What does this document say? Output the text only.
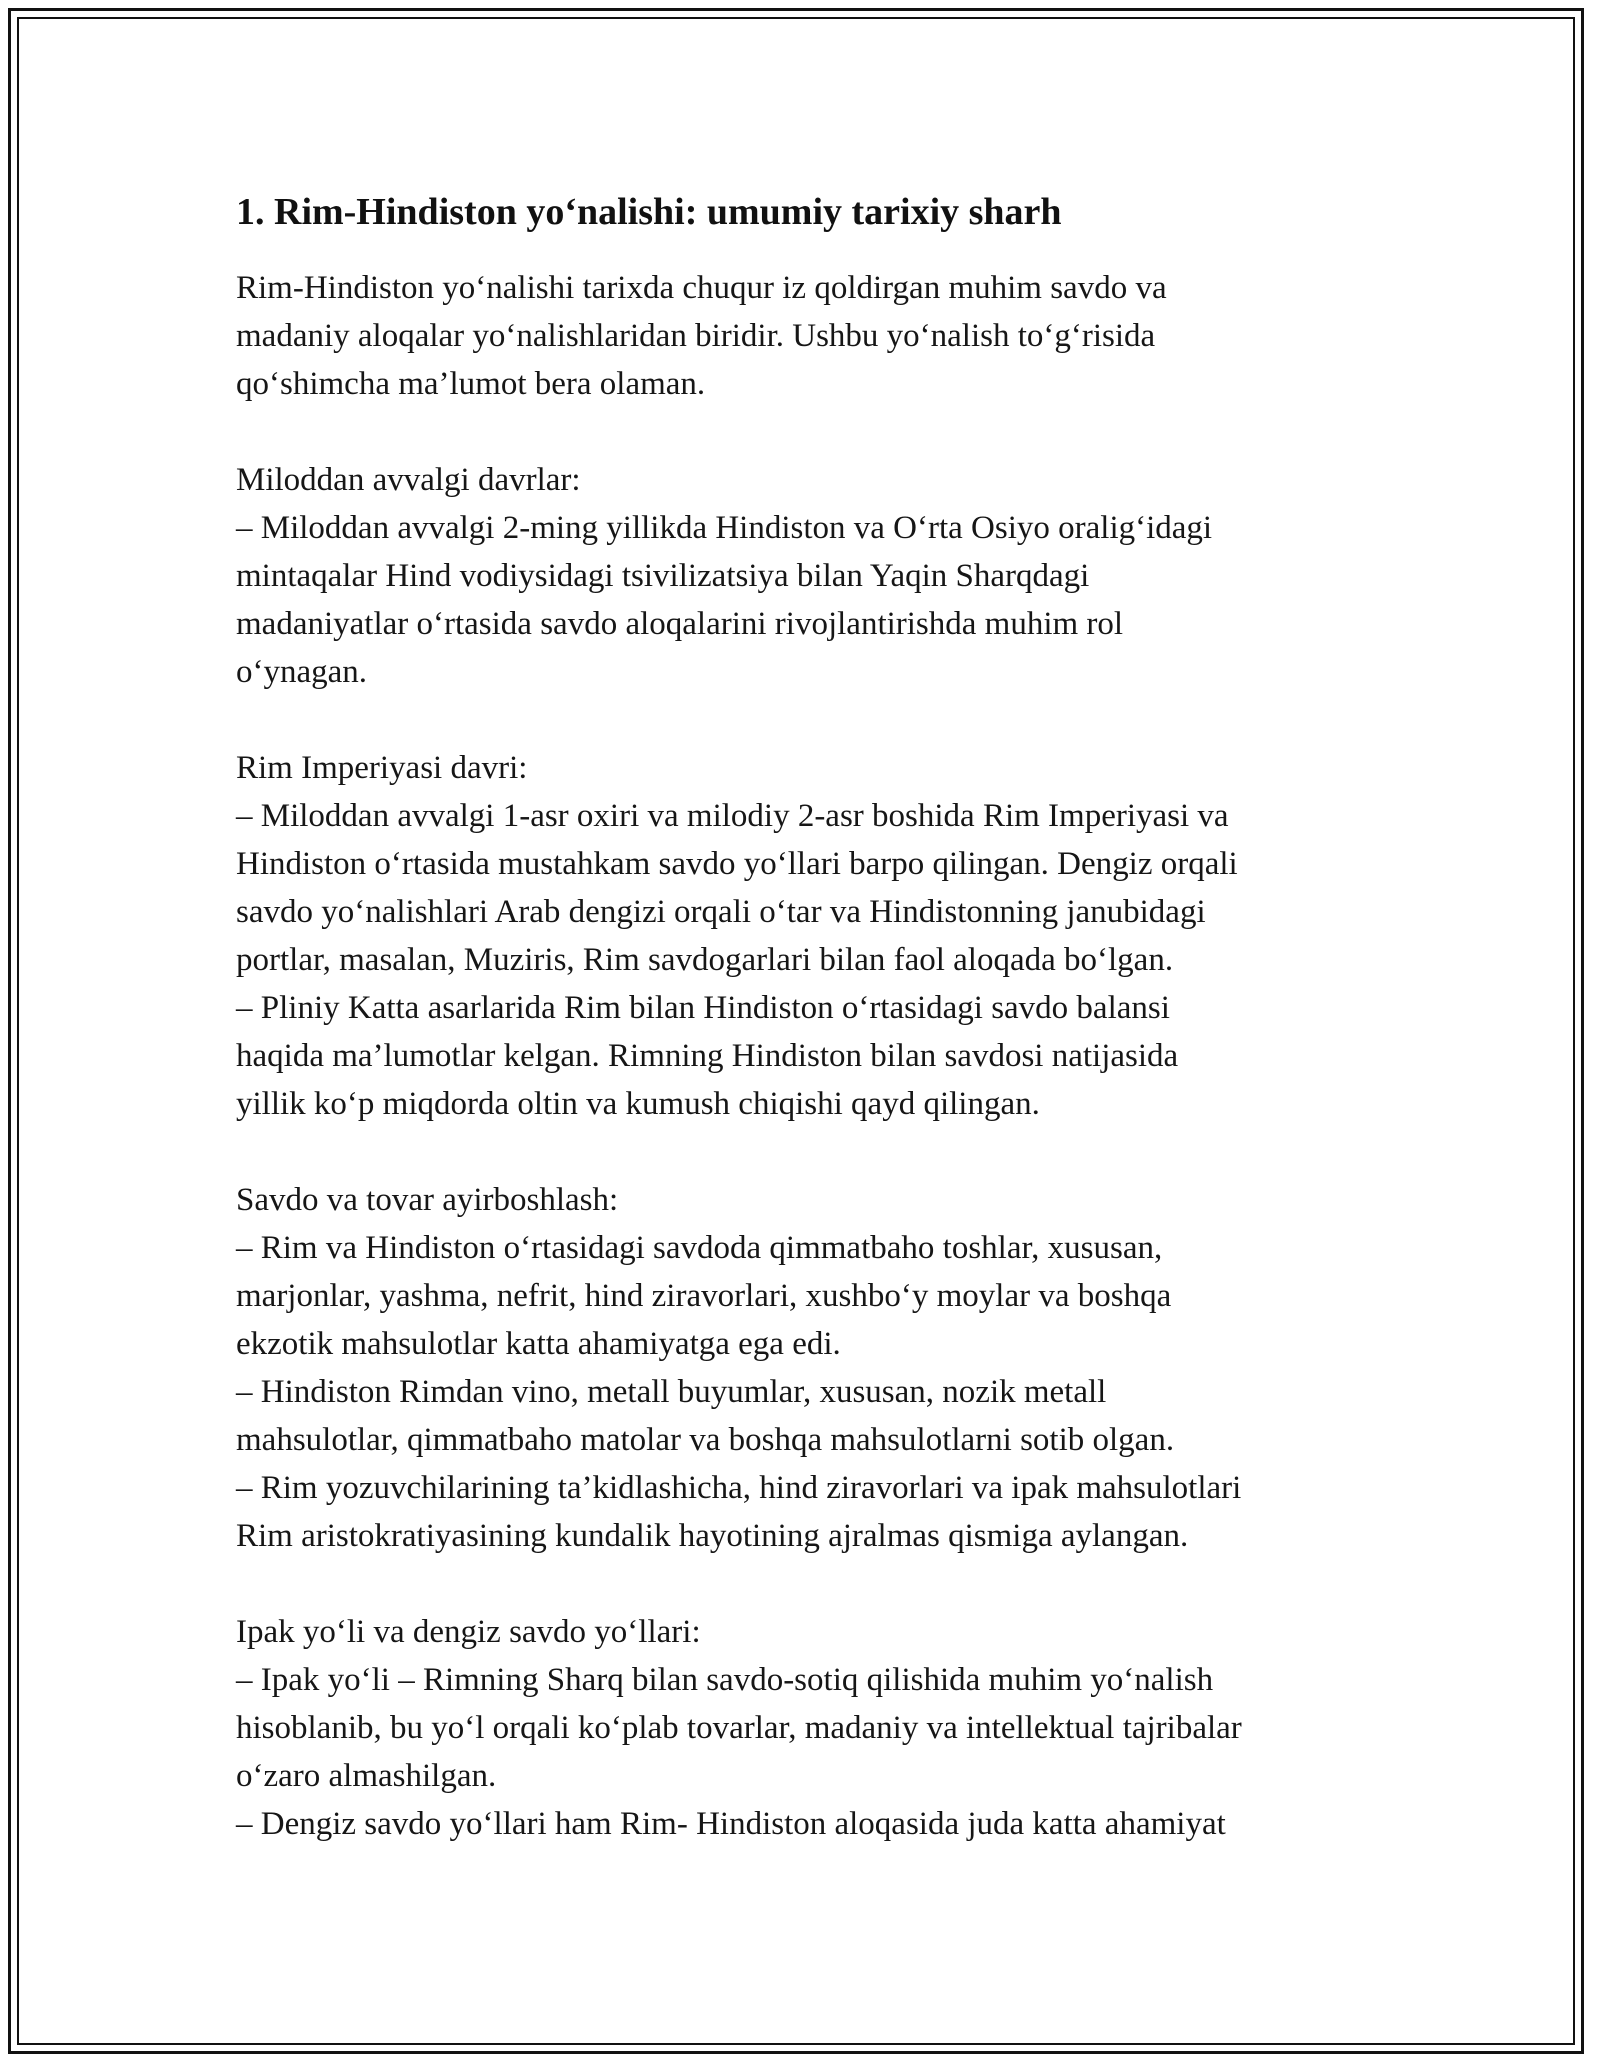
1. Rim-Hindiston yo‘nalishi: umumiy tarixiy sharh

Rim-Hindiston yo‘nalishi tarixda chuqur iz qoldirgan muhim savdo va
madaniy aloqalar yo‘nalishlaridan biridir. Ushbu yo‘nalish to‘g‘risida
qo‘shimcha ma’lumot bera olaman.

Miloddan avvalgi davrlar:
– Miloddan avvalgi 2-ming yillikda Hindiston va O‘rta Osiyo oralig‘idagi
mintaqalar Hind vodiysidagi tsivilizatsiya bilan Yaqin Sharqdagi
madaniyatlar o‘rtasida savdo aloqalarini rivojlantirishda muhim rol
o‘ynagan.
Rim Imperiyasi davri:
– Miloddan avvalgi 1-asr oxiri va milodiy 2-asr boshida Rim Imperiyasi va
Hindiston o‘rtasida mustahkam savdo yo‘llari barpo qilingan. Dengiz orqali
savdo yo‘nalishlari Arab dengizi orqali o‘tar va Hindistonning janubidagi
portlar, masalan, Muziris, Rim savdogarlari bilan faol aloqada bo‘lgan.
– Pliniy Katta asarlarida Rim bilan Hindiston o‘rtasidagi savdo balansi
haqida ma’lumotlar kelgan. Rimning Hindiston bilan savdosi natijasida
yillik ko‘p miqdorda oltin va kumush chiqishi qayd qilingan.
Savdo va tovar ayirboshlash:
– Rim va Hindiston o‘rtasidagi savdoda qimmatbaho toshlar, xususan,
marjonlar, yashma, nefrit, hind ziravorlari, xushbo‘y moylar va boshqa
ekzotik mahsulotlar katta ahamiyatga ega edi.
– Hindiston Rimdan vino, metall buyumlar, xususan, nozik metall
mahsulotlar, qimmatbaho matolar va boshqa mahsulotlarni sotib olgan.
– Rim yozuvchilarining ta’kidlashicha, hind ziravorlari va ipak mahsulotlari
Rim aristokratiyasining kundalik hayotining ajralmas qismiga aylangan.
Ipak yo‘li va dengiz savdo yo‘llari:
– Ipak yo‘li – Rimning Sharq bilan savdo-sotiq qilishida muhim yo‘nalish
hisoblanib, bu yo‘l orqali ko‘plab tovarlar, madaniy va intellektual tajribalar
o‘zaro almashilgan.
– Dengiz savdo yo‘llari ham Rim- Hindiston aloqasida juda katta ahamiyat
